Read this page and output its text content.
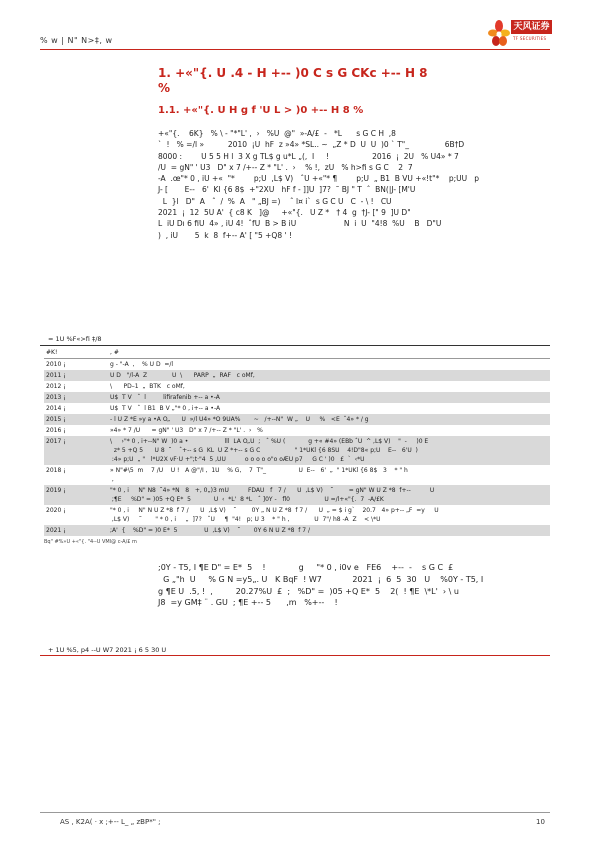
% w | N" N>‡, w
天风证券
TF SECURITIES
1. +«"{. U .4 - H +-- )0 C s G CKc +-- H 8
%
1.1. +«"{. U H g f 'U L > )0 +-- H 8 %

+«"{.    6K}   % \ - "*"L' ,  ›   %U  @"  »-A/£  -   *L      s G C H  ,8

`  !   % =/l »          2010  ¡U  hF  z »4» *SL.. ~  „Z * D  U  U  )0 ` T"_               6B†D

8000 :        U 5 5 H l  3 X g TL$ g u*L „(,  I     !                  2016  ¡  2U   % U4» * 7

/U  = gN" ' U3   D" x 7 /+-- Z * "L' .  ›    % !,  zU   % h>fi s G C    2  7

-A  .œ"* 0 , iU +«  "*        p;U  ,L$ V)   ˆU +«"* ¶        p;U  „ B1  B VU +«!t"*    p;UU   p

J- [       E--   6'  Kl {6 8$  +"2XU   hF f - ]]U  ]7?  ˜ BJ " T  ˆ  BN(|J- [M'U

L  }l   D"  A   ˆ  /  %  A   " „BJ =)    ˆ l¤ i`  s G C U   C  - \ !   CU

2021  ¡  12  5U A'  { c8 K   ]@     +«"{.   U Z *   † 4  g  †J- [" 9  ]U D"

L  iU Dı 6 fiU  4» , iU 4!  ˆfU  B > B iU                    N  i  U  "4!8  %U    B   D"U

)  , iU       5  k  8  f+-- A' [ "5 +Q8 ' !

= 1U %F«>fi ‡/8
#K!	, #
2010 ¡	g - "-A  ,    % U D  =/l
2011 ¡	U D   "/l-A  Z             U  \      PARP  „  RAF   c oMf,
2012 ¡	\      PD–1  „  BTK   c oMf,
2013 ¡	U$  T V   ˆ  l         lifirafenib +-- a •-A
2014 ¡	U$  T V   ˆ  l B1  B V „"* 0 , i+-- a •-A
2015 ¡	- l U Z *E »y a •A O„      U  »/l U4» *O 9UA%       ~   /+--N"  W „    U     %   <E  ˆ4» * / g
2016 ¡	»4» * 7 /U      = gN" ' U3   D" x 7 /+-- Z * "L' .  ›   %
2017 ¡	\     ›"* 0 , i+--N" W  )0 a •                   lll  LA O„U  ;   ˆ %U (            g +« #4» (EBb ˆU  ^ ,L$ V)    "  -     )0 E
z* 5 +Q 5      U 8  ˜    ˆ+-- s G  KL  U Z *+-- s G C                  " 1*UKl {6 8SU    4!D"8« p;U    E--   6'U  )
:4» p;U  „ "   l*U2X vF·U +";t·"4  5 ,UU          o o o o o"o oÆU p7     G C ' )0   £  `  ‹*U
2018 ¡	» N"#\5  m    7 /U    U !   A @"/I ,  1U    % G,    7  T"_                 U  E--   6'  „  " 1*UKl {6 8$   3    * " h
,
2019 ¡	"* 0 , i     N" N8  ˜4» *N   8   +, 0„)3 mU          FDAU   f   7 /      U  ,L$ V)    ˜        = gN" W U Z *8  f+--          U
;¶E     %D" = )05 +Q E*  5            U  ‹  *L'  8 *L   ˆ ]0Y -   fl0                  U =/l+«"{.  7  -A/£K
2020 ¡	"* 0 , i     N" N U Z *8  f 7 /      U  ,L$ V)    ˜        0Y „ N U Z *8  f 7 /      U  „ = $ i g`    20.7   4» p+-- „F  =y     U
,L$ V)     ˜       " * 0 , i     „  ]7?   ˆU     ¶  "4!   p; U 3    * " h ,             U  7"/ h8 -A  Z    < \*U
2021 ¡	;A'  {    %D" = )0 E*  5              U  ,L$ V)    ˜       0Y 6 N U Z *8  f 7 /
Bq" #%»U +«"{. "4--U VMl@ c-A/£ m

;0Y - T5, I ¶E D" = E*  5    !             g     "* 0 , i0v e   FE6    +--  -    s G C  £

G „"h  U     % G N =y5„. U   K BqF  ! W7            2021  ¡  6  5  30   U    %0Y - T5, I

g ¶E U  .5, !  ,         20.27%U  £  ;   %D" =  )05 +Q E*  5    2(  ! ¶E  \*L'  › \ u

J8  =y GM‡ ¨ . GU  ; ¶E +-- 5      ,m   %+--    !

+ 1U %5, p4 --U W7 2021 ¡ 6 5 30 U
AS , K2A( · x ;+-- L_ „ zBP*" ;	10
